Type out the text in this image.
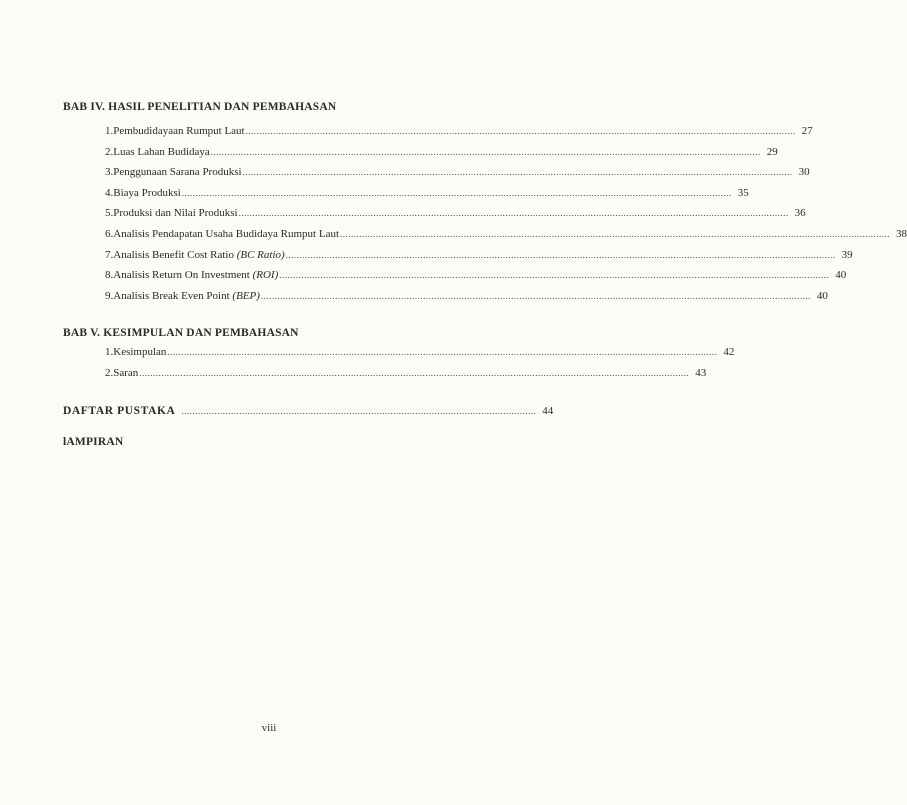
BAB IV. HASIL PENELITIAN DAN PEMBAHASAN
1. Pembudidayaan Rumput Laut ........................................................................................................................................................................................................ 27
2. Luas Lahan Budidaya ........................................................................................................................................................................................................ 29
3. Penggunaan Sarana Produksi ........................................................................................................................................................................................................ 30
4. Biaya Produksi ........................................................................................................................................................................................................ 35
5. Produksi dan Nilai Produksi ........................................................................................................................................................................................................ 36
6. Analisis Pendapatan Usaha Budidaya Rumput Laut ........................................................................................................................................................................................................ 38
7. Analisis Benefit Cost Ratio (BC Ratio) ........................................................................................................................................................................................................ 39
8. Analisis Return On Investment (ROI) ........................................................................................................................................................................................................ 40
9. Analisis Break Even Point (BEP) ........................................................................................................................................................................................................ 40
BAB V. KESIMPULAN DAN PEMBAHASAN
1. Kesimpulan ........................................................................................................................................................................................................ 42
2. Saran ........................................................................................................................................................................................................ 43
DAFTAR PUSTAKA ................................................................................................................................. 44
lAMPIRAN
viii
